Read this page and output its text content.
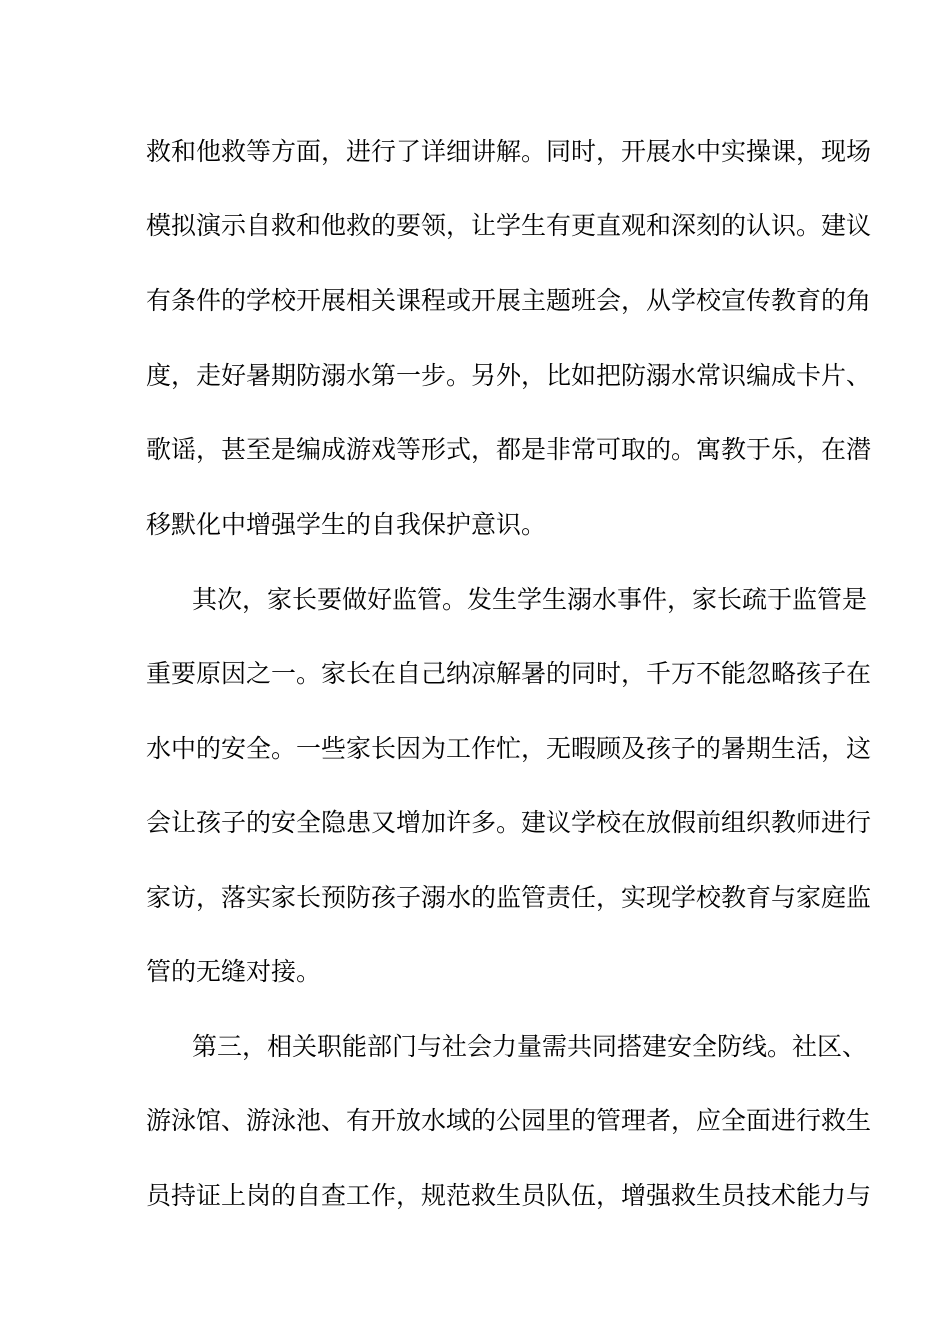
救和他救等方面，进行了详细讲解。同时，开展水中实操课，现场
模拟演示自救和他救的要领，让学生有更直观和深刻的认识。建议
有条件的学校开展相关课程或开展主题班会，从学校宣传教育的角
度，走好暑期防溺水第一步。另外，比如把防溺水常识编成卡片、
歌谣，甚至是编成游戏等形式，都是非常可取的。寓教于乐，在潜
移默化中增强学生的自我保护意识。
其次，家长要做好监管。发生学生溺水事件，家长疏于监管是
重要原因之一。家长在自己纳凉解暑的同时，千万不能忽略孩子在
水中的安全。一些家长因为工作忙，无暇顾及孩子的暑期生活，这
会让孩子的安全隐患又增加许多。建议学校在放假前组织教师进行
家访，落实家长预防孩子溺水的监管责任，实现学校教育与家庭监
管的无缝对接。
第三，相关职能部门与社会力量需共同搭建安全防线。社区、
游泳馆、游泳池、有开放水域的公园里的管理者，应全面进行救生
员持证上岗的自查工作，规范救生员队伍，增强救生员技术能力与
